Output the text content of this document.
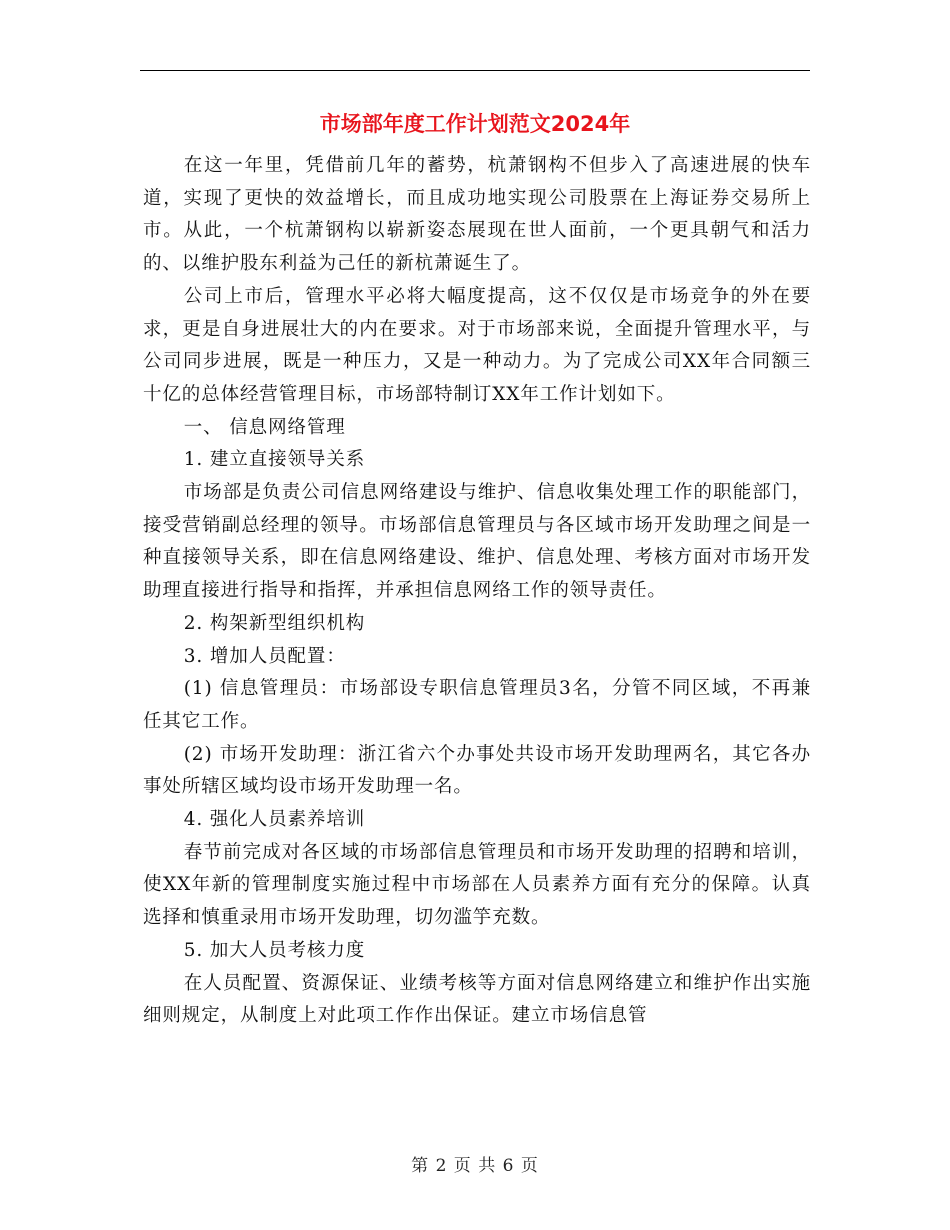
市场部年度工作计划范文2024年

在这一年里，凭借前几年的蓄势，杭萧钢构不但步入了高速进展的快车道，实现了更快的效益增长，而且成功地实现公司股票在上海证券交易所上市。从此，一个杭萧钢构以崭新姿态展现在世人面前，一个更具朝气和活力的、以维护股东利益为己任的新杭萧诞生了。

公司上市后，管理水平必将大幅度提高，这不仅仅是市场竞争的外在要求，更是自身进展壮大的内在要求。对于市场部来说，全面提升管理水平，与公司同步进展，既是一种压力，又是一种动力。为了完成公司XX年合同额三十亿的总体经营管理目标，市场部特制订XX年工作计划如下。

一、 信息网络管理

1. 建立直接领导关系

市场部是负责公司信息网络建设与维护、信息收集处理工作的职能部门，接受营销副总经理的领导。市场部信息管理员与各区域市场开发助理之间是一种直接领导关系，即在信息网络建设、维护、信息处理、考核方面对市场开发助理直接进行指导和指挥，并承担信息网络工作的领导责任。

2. 构架新型组织机构

3. 增加人员配置：

(1) 信息管理员：市场部设专职信息管理员3名，分管不同区域，不再兼任其它工作。

(2) 市场开发助理：浙江省六个办事处共设市场开发助理两名，其它各办事处所辖区域均设市场开发助理一名。

4. 强化人员素养培训

春节前完成对各区域的市场部信息管理员和市场开发助理的招聘和培训，使XX年新的管理制度实施过程中市场部在人员素养方面有充分的保障。认真选择和慎重录用市场开发助理，切勿滥竽充数。

5. 加大人员考核力度

在人员配置、资源保证、业绩考核等方面对信息网络建立和维护作出实施细则规定，从制度上对此项工作作出保证。建立市场信息管

第 2 页 共 6 页
